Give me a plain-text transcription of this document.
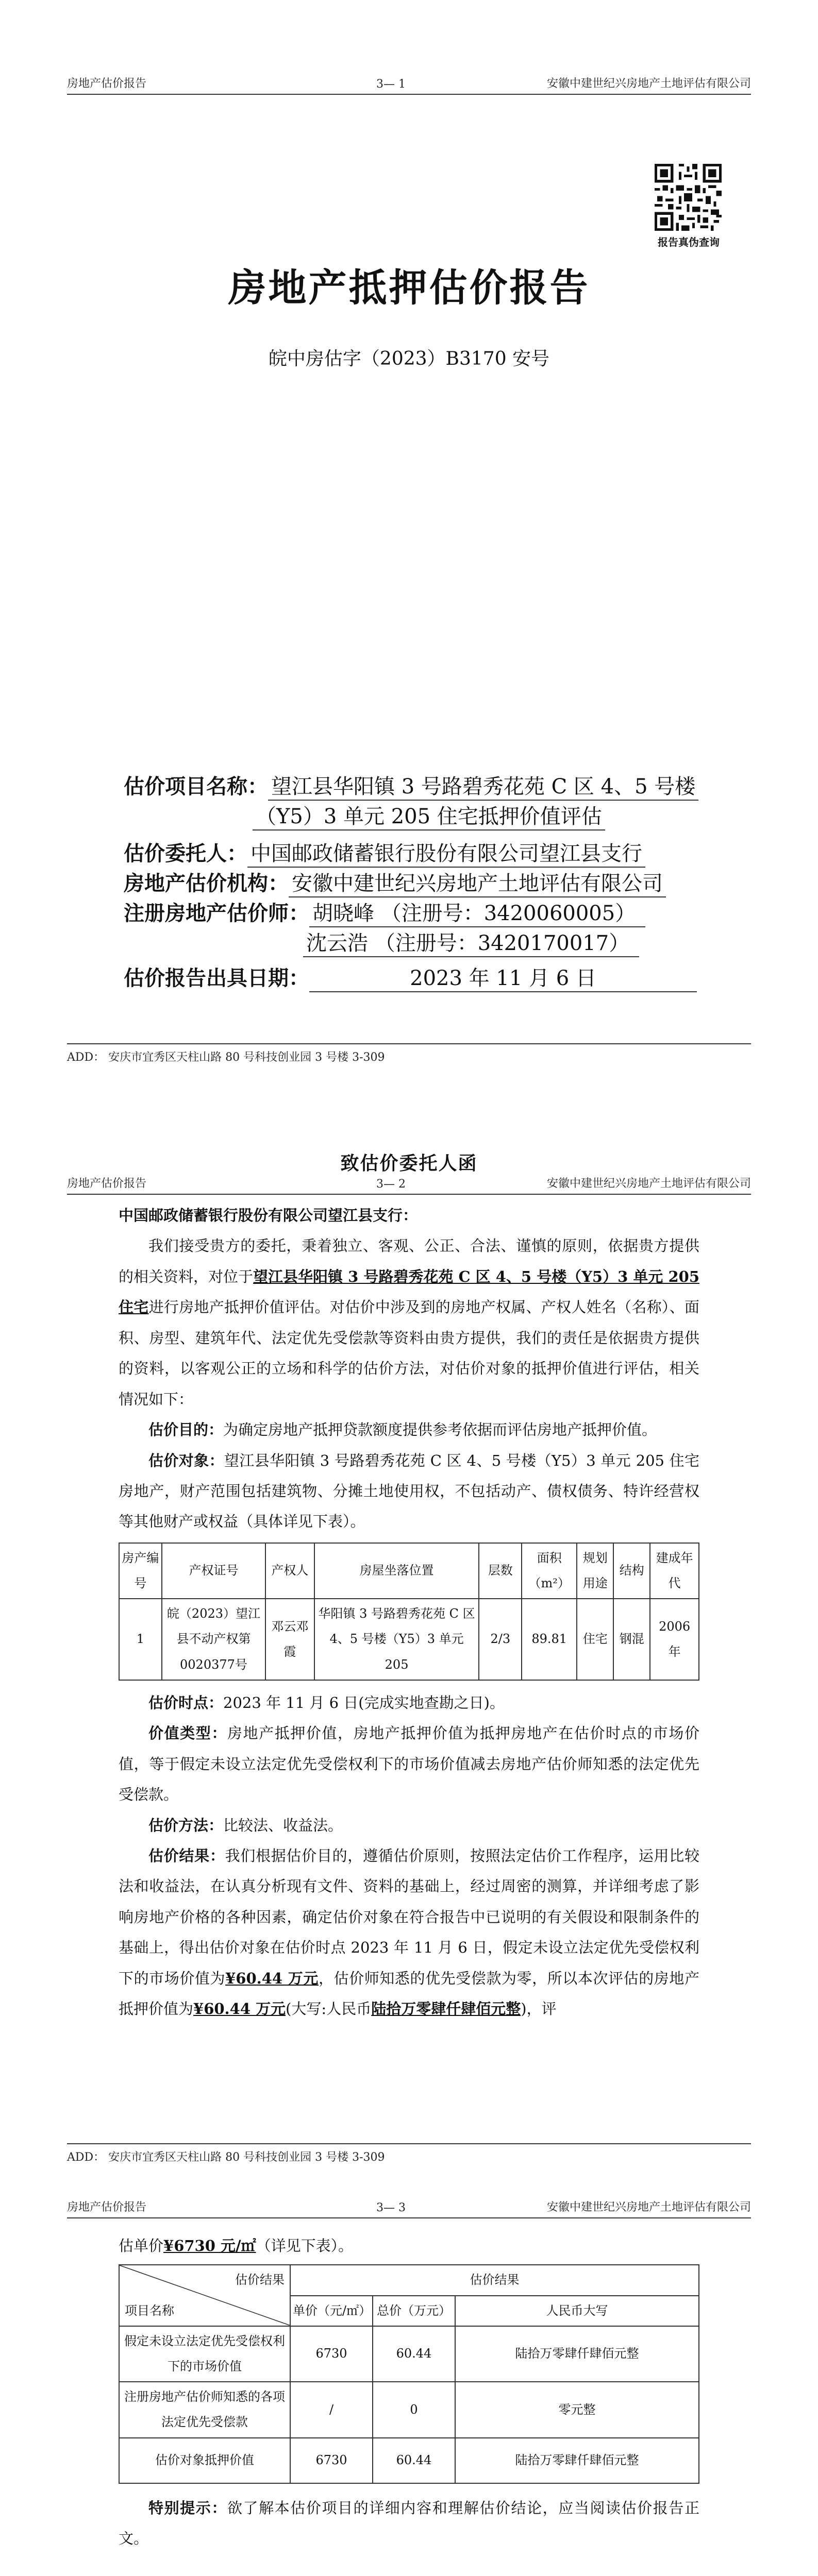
房地产估价报告	3— 1	安徽中建世纪兴房地产土地评估有限公司
报告真伪查询
房地产抵押估价报告
皖中房估字（2023）B3170 安号
估价项目名称： 望江县华阳镇 3 号路碧秀花苑 C 区 4、5 号楼
（Y5）3 单元 205 住宅抵押价值评估
估价委托人： 中国邮政储蓄银行股份有限公司望江县支行
房地产估价机构： 安徽中建世纪兴房地产土地评估有限公司
注册房地产估价师： 胡晓峰 （注册号：3420060005）
沈云浩 （注册号：3420170017）
估价报告出具日期：	2023 年 11 月 6 日
ADD： 安庆市宜秀区天柱山路 80 号科技创业园 3 号楼 3-309
房地产估价报告	3— 2	安徽中建世纪兴房地产土地评估有限公司
致估价委托人函

中国邮政储蓄银行股份有限公司望江县支行：

我们接受贵方的委托，秉着独立、客观、公正、合法、谨慎的原则，依据贵方提供的相关资料，对位于望江县华阳镇 3 号路碧秀花苑 C 区 4、5 号楼（Y5）3 单元 205 住宅进行房地产抵押价值评估。对估价中涉及到的房地产权属、产权人姓名（名称）、面积、房型、建筑年代、法定优先受偿款等资料由贵方提供，我们的责任是依据贵方提供的资料，以客观公正的立场和科学的估价方法，对估价对象的抵押价值进行评估，相关情况如下：

估价目的：为确定房地产抵押贷款额度提供参考依据而评估房地产抵押价值。

估价对象：望江县华阳镇 3 号路碧秀花苑 C 区 4、5 号楼（Y5）3 单元 205 住宅房地产，财产范围包括建筑物、分摊土地使用权，不包括动产、债权债务、特许经营权等其他财产或权益（具体详见下表）。

房产编号	产权证号	产权人	房屋坐落位置	层数	面积（m²）	规划用途	结构	建成年代
1	皖（2023）望江县不动产权第0020377号	邓云邓霞	华阳镇 3 号路碧秀花苑 C 区 4、5 号楼（Y5）3 单元 205	2/3	89.81	住宅	钢混	2006 年

估价时点：2023 年 11 月 6 日(完成实地查勘之日)。

价值类型：房地产抵押价值，房地产抵押价值为抵押房地产在估价时点的市场价值，等于假定未设立法定优先受偿权利下的市场价值减去房地产估价师知悉的法定优先受偿款。

估价方法：比较法、收益法。

估价结果：我们根据估价目的，遵循估价原则，按照法定估价工作程序，运用比较法和收益法，在认真分析现有文件、资料的基础上，经过周密的测算，并详细考虑了影响房地产价格的各种因素，确定估价对象在符合报告中已说明的有关假设和限制条件的基础上，得出估价对象在估价时点 2023 年 11 月 6 日，假定未设立法定优先受偿权利下的市场价值为¥60.44 万元，估价师知悉的优先受偿款为零，所以本次评估的房地产抵押价值为¥60.44 万元(大写:人民币陆拾万零肆仟肆佰元整)，评

ADD： 安庆市宜秀区天柱山路 80 号科技创业园 3 号楼 3-309
房地产估价报告	3— 3	安徽中建世纪兴房地产土地评估有限公司

估单价¥6730 元/㎡（详见下表）。

估价结果
项目名称	估价结果		
	单价（元/㎡）	总价（万元）	人民币大写
假定未设立法定优先受偿权利下的市场价值	6730	60.44	陆拾万零肆仟肆佰元整
注册房地产估价师知悉的各项法定优先受偿款	/	0	零元整
估价对象抵押价值	6730	60.44	陆拾万零肆仟肆佰元整

特别提示：欲了解本估价项目的详细内容和理解估价结论，应当阅读估价报告正文。
